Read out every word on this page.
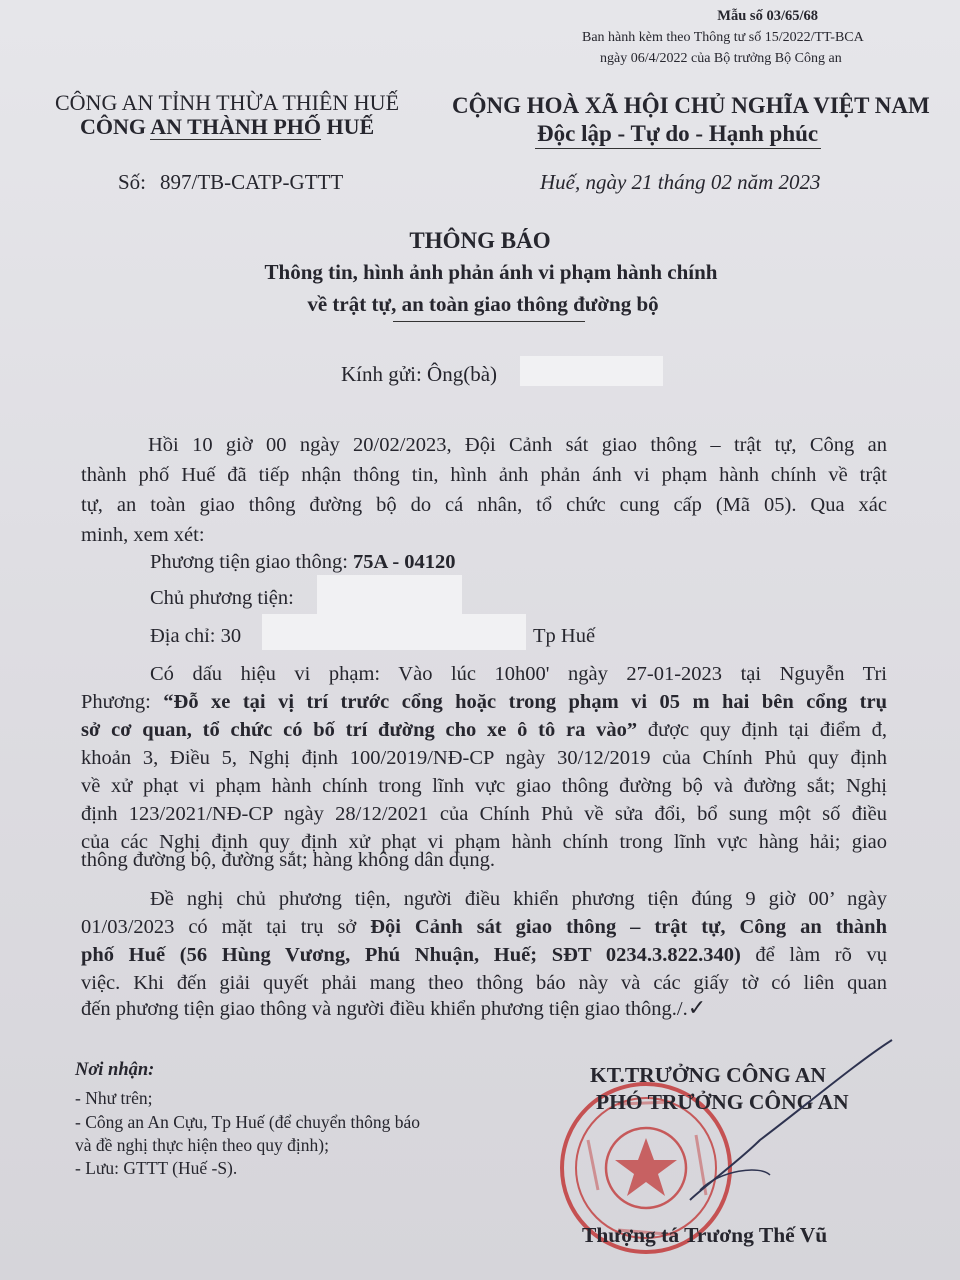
Mẫu số 03/65/68
Ban hành kèm theo Thông tư số 15/2022/TT-BCA
ngày 06/4/2022 của Bộ trưởng Bộ Công an
CÔNG AN TỈNH THỪA THIÊN HUẾ
CÔNG AN THÀNH PHỐ HUẾ
CỘNG HOÀ XÃ HỘI CHỦ NGHĨA VIỆT NAM
Độc lập - Tự do - Hạnh phúc
Số: 897/TB-CATP-GTTT	Huế, ngày 21 tháng 02 năm 2023
THÔNG BÁO
Thông tin, hình ảnh phản ánh vi phạm hành chính
về trật tự, an toàn giao thông đường bộ
Kính gửi: Ông(bà)
Hồi 10 giờ 00 ngày 20/02/2023, Đội Cảnh sát giao thông – trật tự, Công an
thành phố Huế đã tiếp nhận thông tin, hình ảnh phản ánh vi phạm hành chính về trật
tự, an toàn giao thông đường bộ do cá nhân, tổ chức cung cấp (Mã 05). Qua xác
minh, xem xét:
Phương tiện giao thông: 75A - 04120
Chủ phương tiện:
Địa chỉ: 30	Tp Huế
Có dấu hiệu vi phạm: Vào lúc 10h00' ngày 27-01-2023 tại Nguyễn Tri
Phương: “Đỗ xe tại vị trí trước cổng hoặc trong phạm vi 05 m hai bên cổng trụ
sở cơ quan, tổ chức có bố trí đường cho xe ô tô ra vào” được quy định tại điểm đ,
khoản 3, Điều 5, Nghị định 100/2019/NĐ-CP ngày 30/12/2019 của Chính Phủ quy định
về xử phạt vi phạm hành chính trong lĩnh vực giao thông đường bộ và đường sắt; Nghị
định 123/2021/NĐ-CP ngày 28/12/2021 của Chính Phủ về sửa đổi, bổ sung một số điều
của các Nghị định quy định xử phạt vi phạm hành chính trong lĩnh vực hàng hải; giao
thông đường bộ, đường sắt; hàng không dân dụng.
Đề nghị chủ phương tiện, người điều khiển phương tiện đúng 9 giờ 00’ ngày
01/03/2023 có mặt tại trụ sở Đội Cảnh sát giao thông – trật tự, Công an thành
phố Huế (56 Hùng Vương, Phú Nhuận, Huế; SĐT 0234.3.822.340) để làm rõ vụ
việc. Khi đến giải quyết phải mang theo thông báo này và các giấy tờ có liên quan
đến phương tiện giao thông và người điều khiển phương tiện giao thông./.✓
Nơi nhận:
- Như trên;
- Công an An Cựu, Tp Huế (để chuyển thông báo
và đề nghị thực hiện theo quy định);
- Lưu: GTTT (Huế -S).
KT.TRƯỞNG CÔNG AN
PHÓ TRƯỞNG CÔNG AN
Thượng tá Trương Thế Vũ
